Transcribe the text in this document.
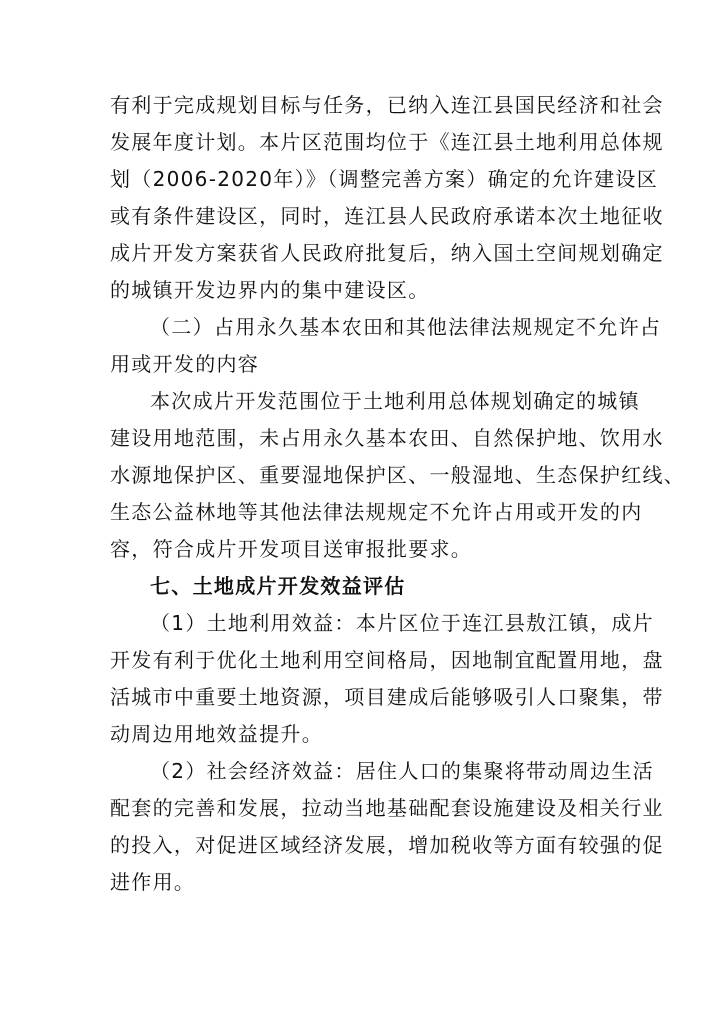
有利于完成规划目标与任务，已纳入连江县国民经济和社会
发展年度计划。本片区范围均位于《连江县土地利用总体规
划（2006-2020年）》（调整完善方案）确定的允许建设区
或有条件建设区，同时，连江县人民政府承诺本次土地征收
成片开发方案获省人民政府批复后，纳入国土空间规划确定
的城镇开发边界内的集中建设区。
（二）占用永久基本农田和其他法律法规规定不允许占
用或开发的内容
本次成片开发范围位于土地利用总体规划确定的城镇
建设用地范围，未占用永久基本农田、自然保护地、饮用水
水源地保护区、重要湿地保护区、一般湿地、生态保护红线、
生态公益林地等其他法律法规规定不允许占用或开发的内
容，符合成片开发项目送审报批要求。
七、土地成片开发效益评估
（1）土地利用效益：本片区位于连江县敖江镇，成片
开发有利于优化土地利用空间格局，因地制宜配置用地，盘
活城市中重要土地资源，项目建成后能够吸引人口聚集，带
动周边用地效益提升。
（2）社会经济效益：居住人口的集聚将带动周边生活
配套的完善和发展，拉动当地基础配套设施建设及相关行业
的投入，对促进区域经济发展，增加税收等方面有较强的促
进作用。
